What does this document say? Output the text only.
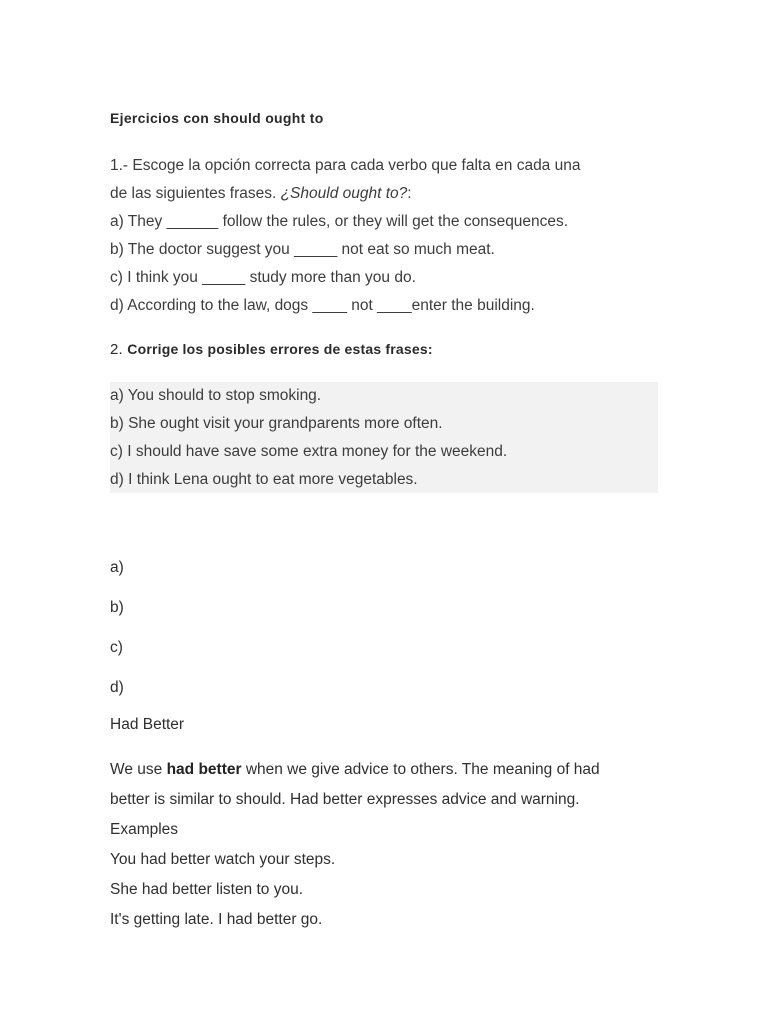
Ejercicios con should ought to
1.- Escoge la opción correcta para cada verbo que falta en cada una
de las siguientes frases. ¿Should ought to?:
a) They ______ follow the rules, or they will get the consequences.
b) The doctor suggest you _____ not eat so much meat.
c) I think you _____ study more than you do.
d) According to the law, dogs ____ not ____enter the building.
2. Corrige los posibles errores de estas frases:
a) You should to stop smoking.
b) She ought visit your grandparents more often.
c) I should have save some extra money for the weekend.
d) I think Lena ought to eat more vegetables.
a)
b)
c)
d)
Had Better
We use had better when we give advice to others. The meaning of had
better is similar to should. Had better expresses advice and warning.
Examples
You had better watch your steps.
She had better listen to you.
It's getting late. I had better go.
